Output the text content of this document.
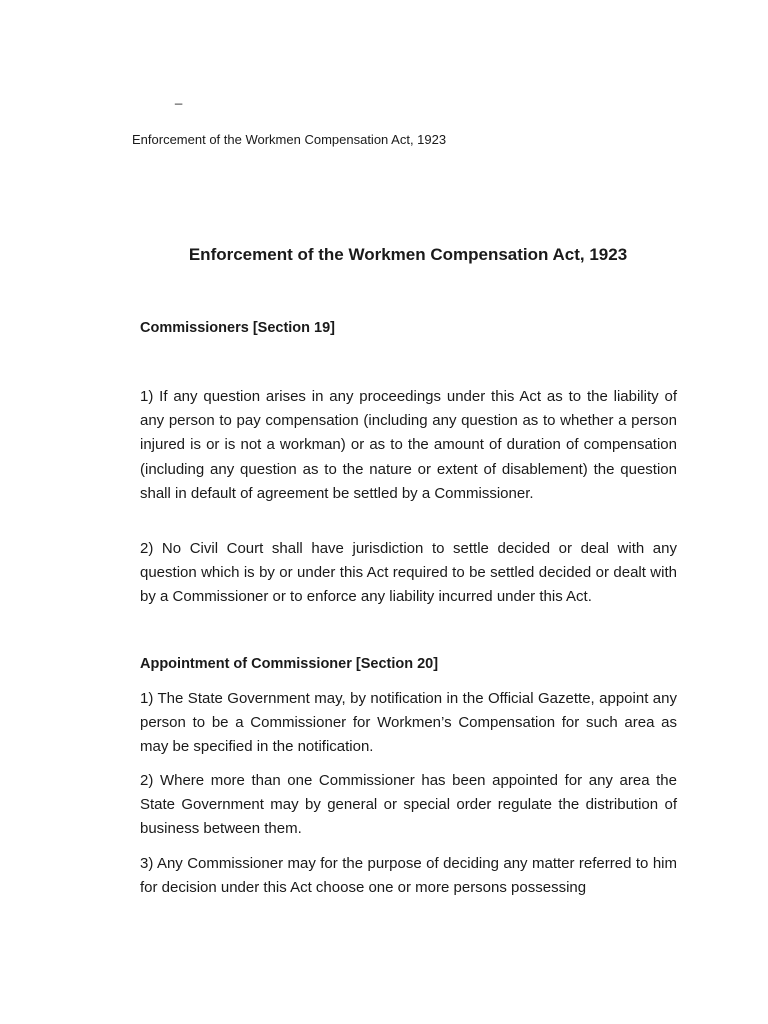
_
Enforcement of the Workmen Compensation Act, 1923
Enforcement of the Workmen Compensation Act, 1923
Commissioners [Section 19]

1) If any question arises in any proceedings under this Act as to the liability of any person to pay compensation (including any question as to whether a person injured is or is not a workman) or as to the amount of duration of compensation (including any question as to the nature or extent of disablement) the question shall in default of agreement be settled by a Commissioner.

2) No Civil Court shall have jurisdiction to settle decided or deal with any question which is by or under this Act required to be settled decided or dealt with by a Commissioner or to enforce any liability incurred under this Act.

Appointment of Commissioner [Section 20]

1) The State Government may, by notification in the Official Gazette, appoint any person to be a Commissioner for Workmen’s Compensation for such area as may be specified in the notification.

2) Where more than one Commissioner has been appointed for any area the State Government may by general or special order regulate the distribution of business between them.

3) Any Commissioner may for the purpose of deciding any matter referred to him for decision under this Act choose one or more persons possessing
